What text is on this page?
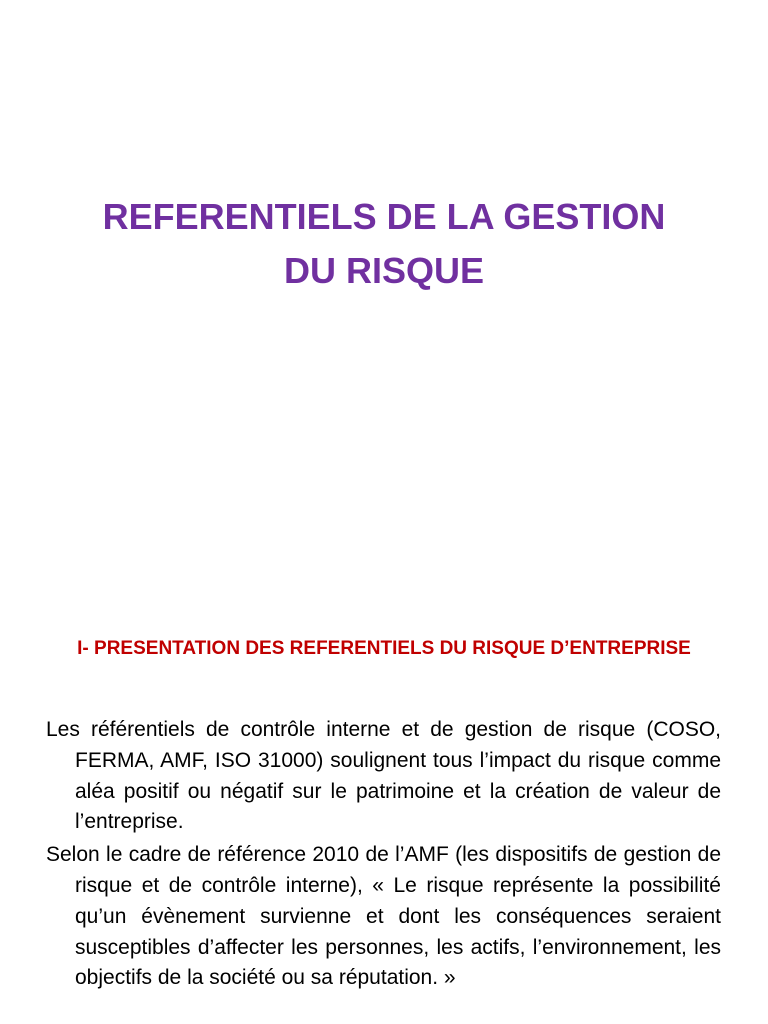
REFERENTIELS DE LA GESTION
DU RISQUE
I- PRESENTATION DES REFERENTIELS DU RISQUE D’ENTREPRISE

Les référentiels de contrôle interne et de gestion de risque (COSO, FERMA, AMF, ISO 31000) soulignent tous l’impact du risque comme aléa positif ou négatif sur le patrimoine et la création de valeur de l’entreprise.

Selon le cadre de référence 2010 de l’AMF (les dispositifs de gestion de risque et de contrôle interne), « Le risque représente la possibilité qu’un évènement survienne et dont les conséquences seraient susceptibles d’affecter les personnes, les actifs, l’environnement, les objectifs de la société ou sa réputation. »
